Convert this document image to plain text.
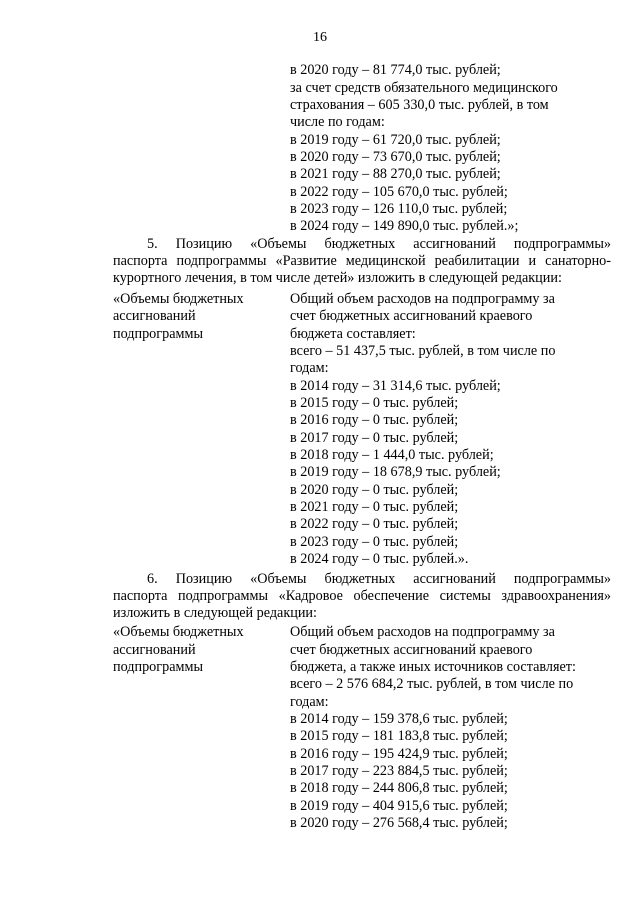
16
в 2020 году – 81 774,0 тыс. рублей;
за счет средств обязательного медицинского
страхования – 605 330,0 тыс. рублей, в том
числе по годам:
в 2019 году – 61 720,0 тыс. рублей;
в 2020 году – 73 670,0 тыс. рублей;
в 2021 году – 88 270,0 тыс. рублей;
в 2022 году – 105 670,0 тыс. рублей;
в 2023 году – 126 110,0 тыс. рублей;
в 2024 году – 149 890,0 тыс. рублей.»;
5. Позицию «Объемы бюджетных ассигнований подпрограммы»
паспорта подпрограммы «Развитие медицинской реабилитации и санаторно-
курортного лечения, в том числе детей» изложить в следующей редакции:
«Объемы бюджетных
ассигнований
подпрограммы
Общий объем расходов на подпрограмму за
счет бюджетных ассигнований краевого
бюджета составляет:
всего – 51 437,5 тыс. рублей, в том числе по
годам:
в 2014 году – 31 314,6 тыс. рублей;
в 2015 году – 0 тыс. рублей;
в 2016 году – 0 тыс. рублей;
в 2017 году – 0 тыс. рублей;
в 2018 году – 1 444,0 тыс. рублей;
в 2019 году – 18 678,9 тыс. рублей;
в 2020 году – 0 тыс. рублей;
в 2021 году – 0 тыс. рублей;
в 2022 году – 0 тыс. рублей;
в 2023 году – 0 тыс. рублей;
в 2024 году – 0 тыс. рублей.».
6. Позицию «Объемы бюджетных ассигнований подпрограммы»
паспорта подпрограммы «Кадровое обеспечение системы здравоохранения»
изложить в следующей редакции:
«Объемы бюджетных
ассигнований
подпрограммы
Общий объем расходов на подпрограмму за
счет бюджетных ассигнований краевого
бюджета, а также иных источников составляет:
всего – 2 576 684,2 тыс. рублей, в том числе по
годам:
в 2014 году – 159 378,6 тыс. рублей;
в 2015 году – 181 183,8 тыс. рублей;
в 2016 году – 195 424,9 тыс. рублей;
в 2017 году – 223 884,5 тыс. рублей;
в 2018 году – 244 806,8 тыс. рублей;
в 2019 году – 404 915,6 тыс. рублей;
в 2020 году – 276 568,4 тыс. рублей;
